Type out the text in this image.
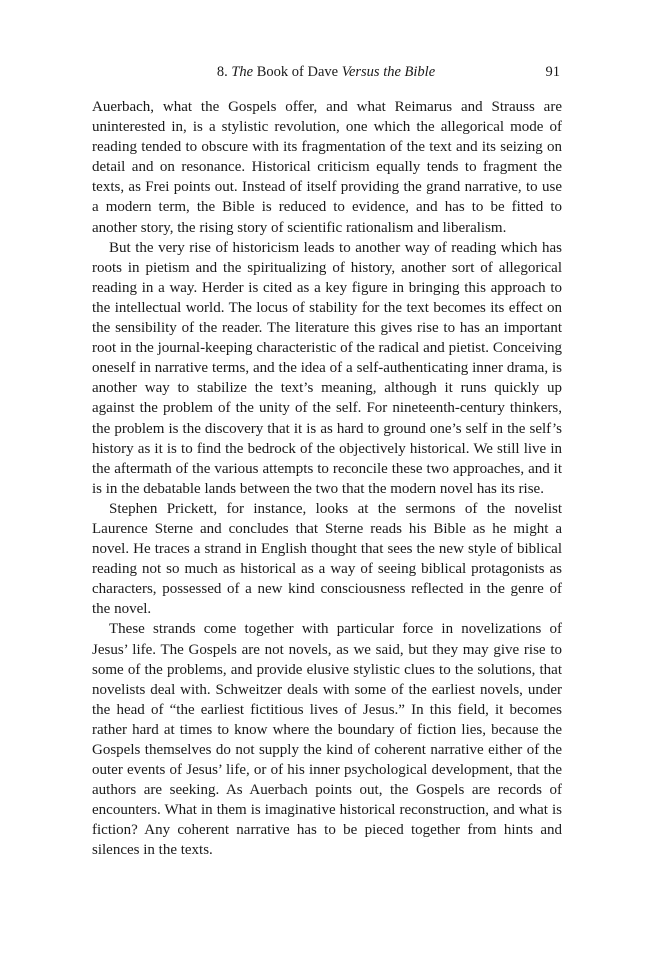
8. The Book of Dave Versus the Bible	91

Auerbach, what the Gospels offer, and what Reimarus and Strauss are uninterested in, is a stylistic revolution, one which the allegorical mode of reading tended to obscure with its fragmentation of the text and its seizing on detail and on resonance. Historical criticism equally tends to fragment the texts, as Frei points out. Instead of itself providing the grand narrative, to use a modern term, the Bible is reduced to evidence, and has to be fitted to another story, the rising story of scientific rationalism and liberalism.

But the very rise of historicism leads to another way of reading which has roots in pietism and the spiritualizing of history, another sort of allegorical reading in a way. Herder is cited as a key figure in bringing this approach to the intellectual world. The locus of stability for the text becomes its effect on the sensibility of the reader. The literature this gives rise to has an important root in the journal-keeping characteristic of the radical and pietist. Conceiving oneself in narrative terms, and the idea of a self-authenticating inner drama, is another way to stabilize the text’s meaning, although it runs quickly up against the problem of the unity of the self. For nineteenth-century thinkers, the problem is the discovery that it is as hard to ground one’s self in the self’s history as it is to find the bedrock of the objectively historical. We still live in the aftermath of the various attempts to reconcile these two approaches, and it is in the debatable lands between the two that the modern novel has its rise.

Stephen Prickett, for instance, looks at the sermons of the novelist Laurence Sterne and concludes that Sterne reads his Bible as he might a novel. He traces a strand in English thought that sees the new style of biblical reading not so much as historical as a way of seeing biblical protagonists as characters, possessed of a new kind consciousness reflected in the genre of the novel.

These strands come together with particular force in novelizations of Jesus’ life. The Gospels are not novels, as we said, but they may give rise to some of the problems, and provide elusive stylistic clues to the solutions, that novelists deal with. Schweitzer deals with some of the earliest novels, under the head of “the earliest fictitious lives of Jesus.” In this field, it becomes rather hard at times to know where the boundary of fiction lies, because the Gospels themselves do not supply the kind of coherent narrative either of the outer events of Jesus’ life, or of his inner psychological development, that the authors are seeking. As Auerbach points out, the Gospels are records of encounters. What in them is imaginative historical reconstruction, and what is fiction? Any coherent narrative has to be pieced together from hints and silences in the texts.
